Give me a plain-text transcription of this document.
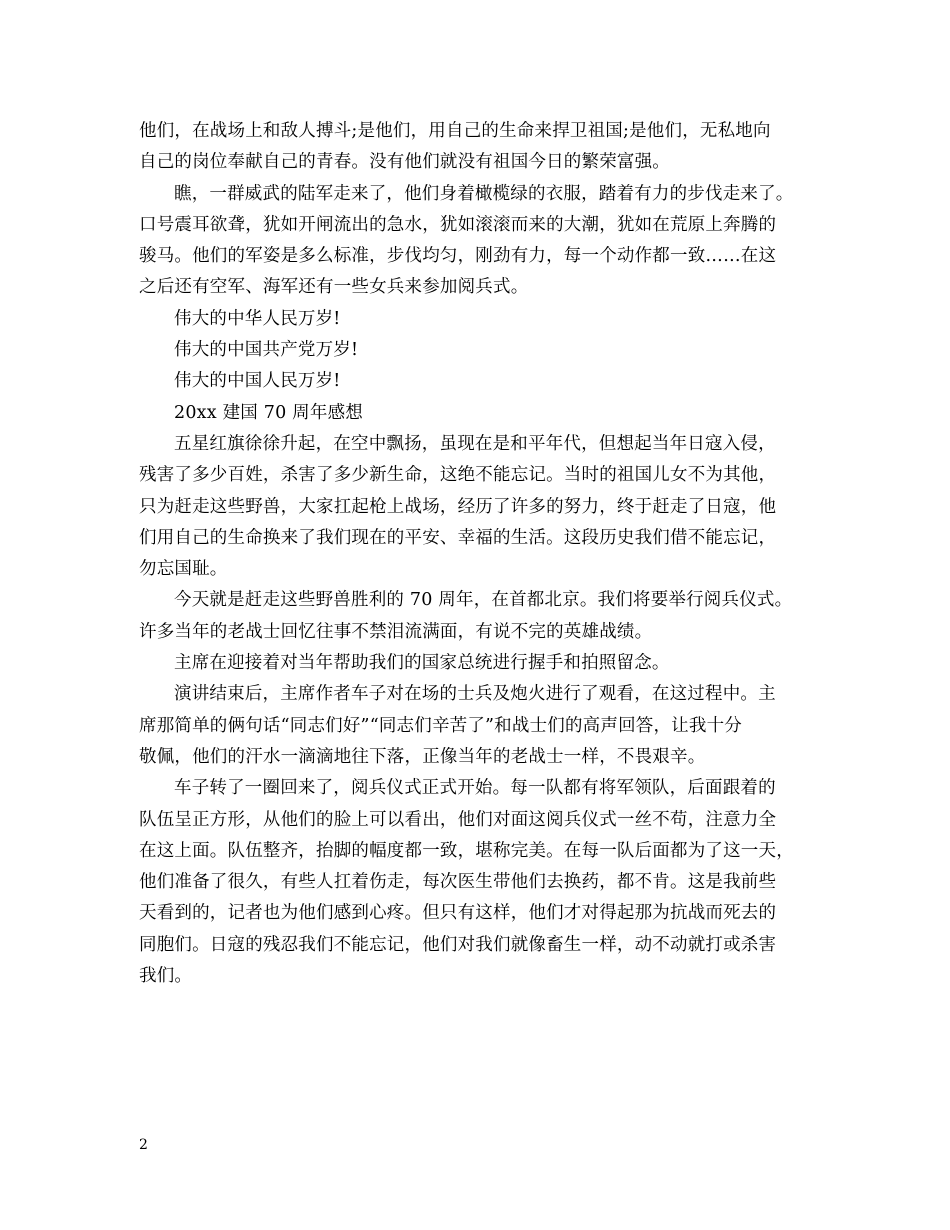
他们，在战场上和敌人搏斗;是他们，用自己的生命来捍卫祖国;是他们，无私地向
自己的岗位奉献自己的青春。没有他们就没有祖国今日的繁荣富强。
瞧，一群威武的陆军走来了，他们身着橄榄绿的衣服，踏着有力的步伐走来了。
口号震耳欲聋，犹如开闸流出的急水，犹如滚滚而来的大潮，犹如在荒原上奔腾的
骏马。他们的军姿是多么标准，步伐均匀，刚劲有力，每一个动作都一致……在这
之后还有空军、海军还有一些女兵来参加阅兵式。
伟大的中华人民万岁!
伟大的中国共产党万岁!
伟大的中国人民万岁!
20xx 建国 70 周年感想
五星红旗徐徐升起，在空中飘扬，虽现在是和平年代，但想起当年日寇入侵，
残害了多少百姓，杀害了多少新生命，这绝不能忘记。当时的祖国儿女不为其他，
只为赶走这些野兽，大家扛起枪上战场，经历了许多的努力，终于赶走了日寇，他
们用自己的生命换来了我们现在的平安、幸福的生活。这段历史我们借不能忘记，
勿忘国耻。
今天就是赶走这些野兽胜利的 70 周年，在首都北京。我们将要举行阅兵仪式。
许多当年的老战士回忆往事不禁泪流满面，有说不完的英雄战绩。
主席在迎接着对当年帮助我们的国家总统进行握手和拍照留念。
演讲结束后，主席作者车子对在场的士兵及炮火进行了观看，在这过程中。主
席那简单的俩句话“同志们好”“同志们辛苦了”和战士们的高声回答，让我十分
敬佩，他们的汗水一滴滴地往下落，正像当年的老战士一样，不畏艰辛。
车子转了一圈回来了，阅兵仪式正式开始。每一队都有将军领队，后面跟着的
队伍呈正方形，从他们的脸上可以看出，他们对面这阅兵仪式一丝不苟，注意力全
在这上面。队伍整齐，抬脚的幅度都一致，堪称完美。在每一队后面都为了这一天，
他们准备了很久，有些人扛着伤走，每次医生带他们去换药，都不肯。这是我前些
天看到的，记者也为他们感到心疼。但只有这样，他们才对得起那为抗战而死去的
同胞们。日寇的残忍我们不能忘记，他们对我们就像畜生一样，动不动就打或杀害
我们。
2
